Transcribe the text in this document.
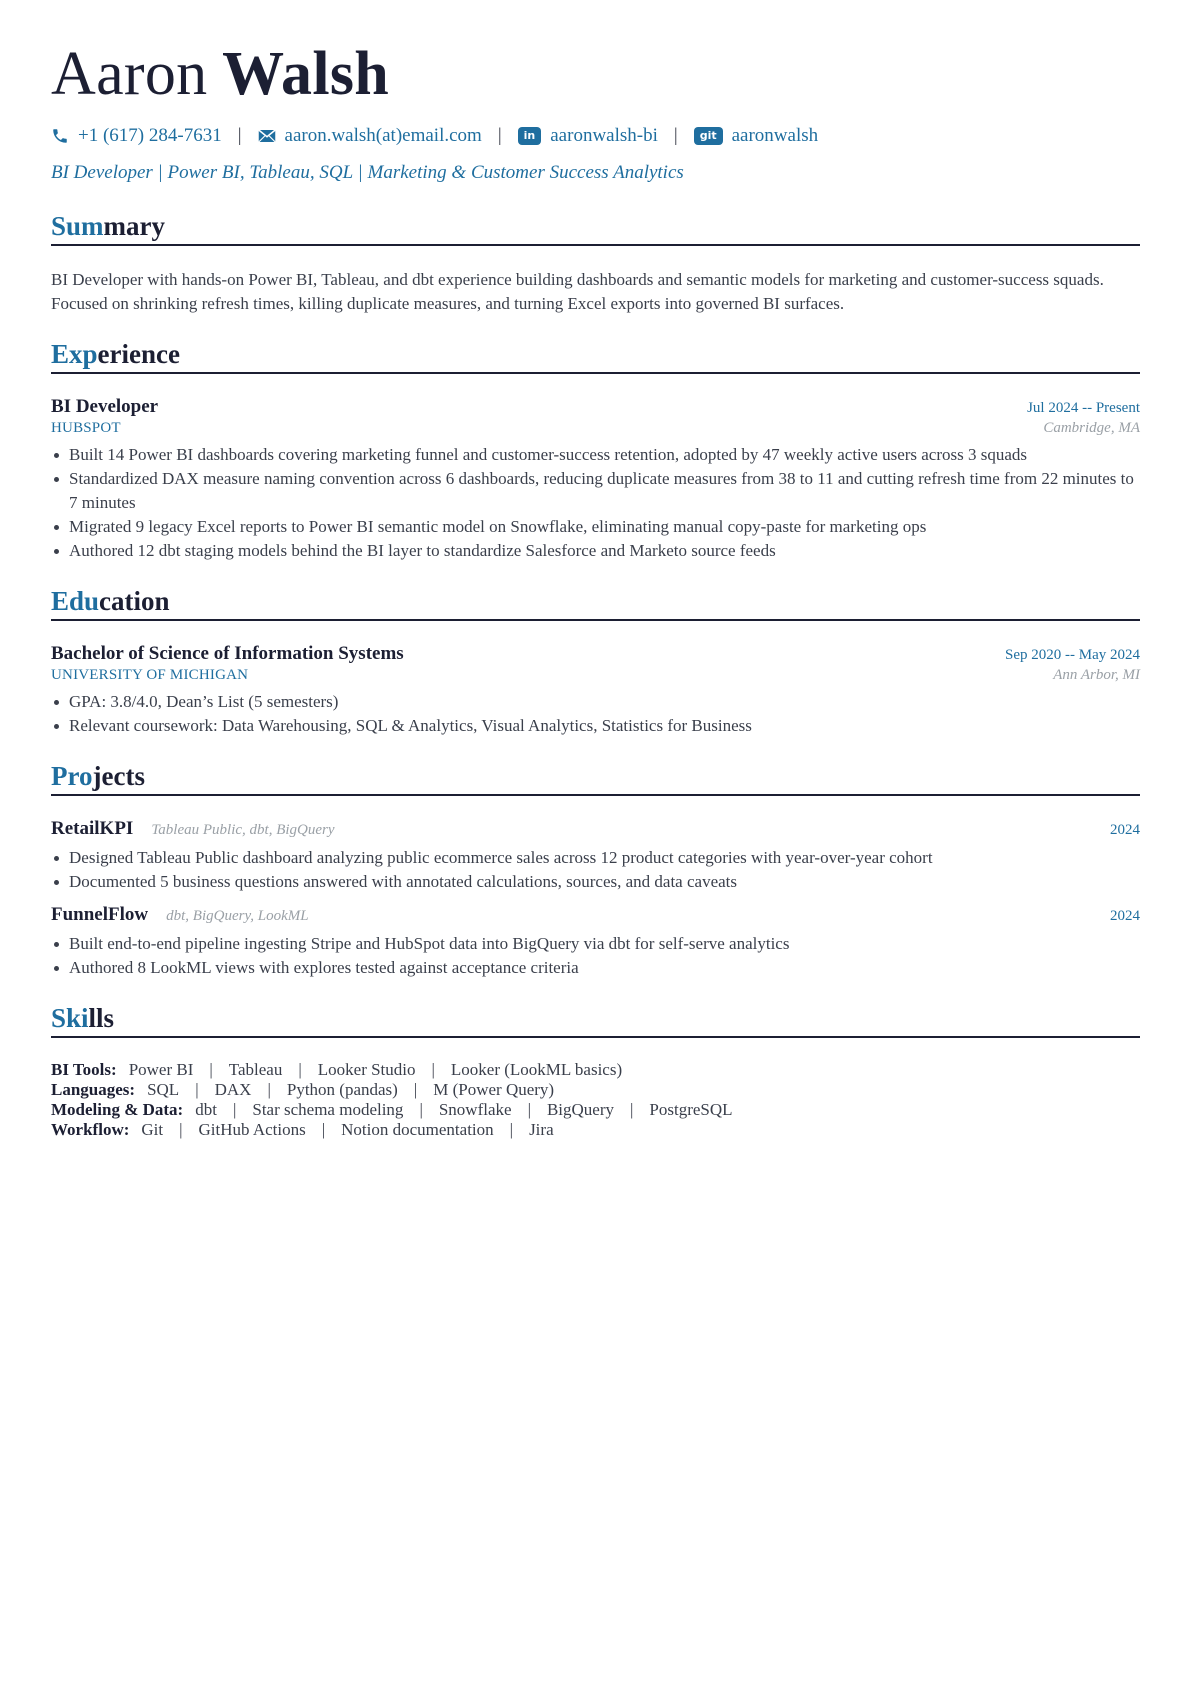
Aaron Walsh
+1 (617) 284-7631 | aaron.walsh(at)email.com |	in aaronwalsh-bi |	git aaronwalsh
BI Developer | Power BI, Tableau, SQL | Marketing & Customer Success Analytics
Summary
BI Developer with hands-on Power BI, Tableau, and dbt experience building dashboards and semantic models for marketing and customer-success squads. Focused on shrinking refresh times, killing duplicate measures, and turning Excel exports into governed BI surfaces.
Experience
BI Developer	Jul 2024 -- Present
HUBSPOT	Cambridge, MA
Built 14 Power BI dashboards covering marketing funnel and customer-success retention, adopted by 47 weekly active users across 3 squads
Standardized DAX measure naming convention across 6 dashboards, reducing duplicate measures from 38 to 11 and cutting refresh time from 22 minutes to 7 minutes
Migrated 9 legacy Excel reports to Power BI semantic model on Snowflake, eliminating manual copy-paste for marketing ops
Authored 12 dbt staging models behind the BI layer to standardize Salesforce and Marketo source feeds
Education
Bachelor of Science of Information Systems	Sep 2020 -- May 2024
UNIVERSITY OF MICHIGAN	Ann Arbor, MI
GPA: 3.8/4.0, Dean’s List (5 semesters)
Relevant coursework: Data Warehousing, SQL & Analytics, Visual Analytics, Statistics for Business
Projects
RetailKPI Tableau Public, dbt, BigQuery	2024
Designed Tableau Public dashboard analyzing public ecommerce sales across 12 product categories with year-over-year cohort
Documented 5 business questions answered with annotated calculations, sources, and data caveats
FunnelFlow dbt, BigQuery, LookML	2024
Built end-to-end pipeline ingesting Stripe and HubSpot data into BigQuery via dbt for self-serve analytics
Authored 8 LookML views with explores tested against acceptance criteria
Skills
BI Tools: Power BI | Tableau | Looker Studio | Looker (LookML basics)
Languages: SQL | DAX | Python (pandas) | M (Power Query)
Modeling & Data: dbt | Star schema modeling | Snowflake | BigQuery | PostgreSQL
Workflow: Git | GitHub Actions | Notion documentation | Jira
